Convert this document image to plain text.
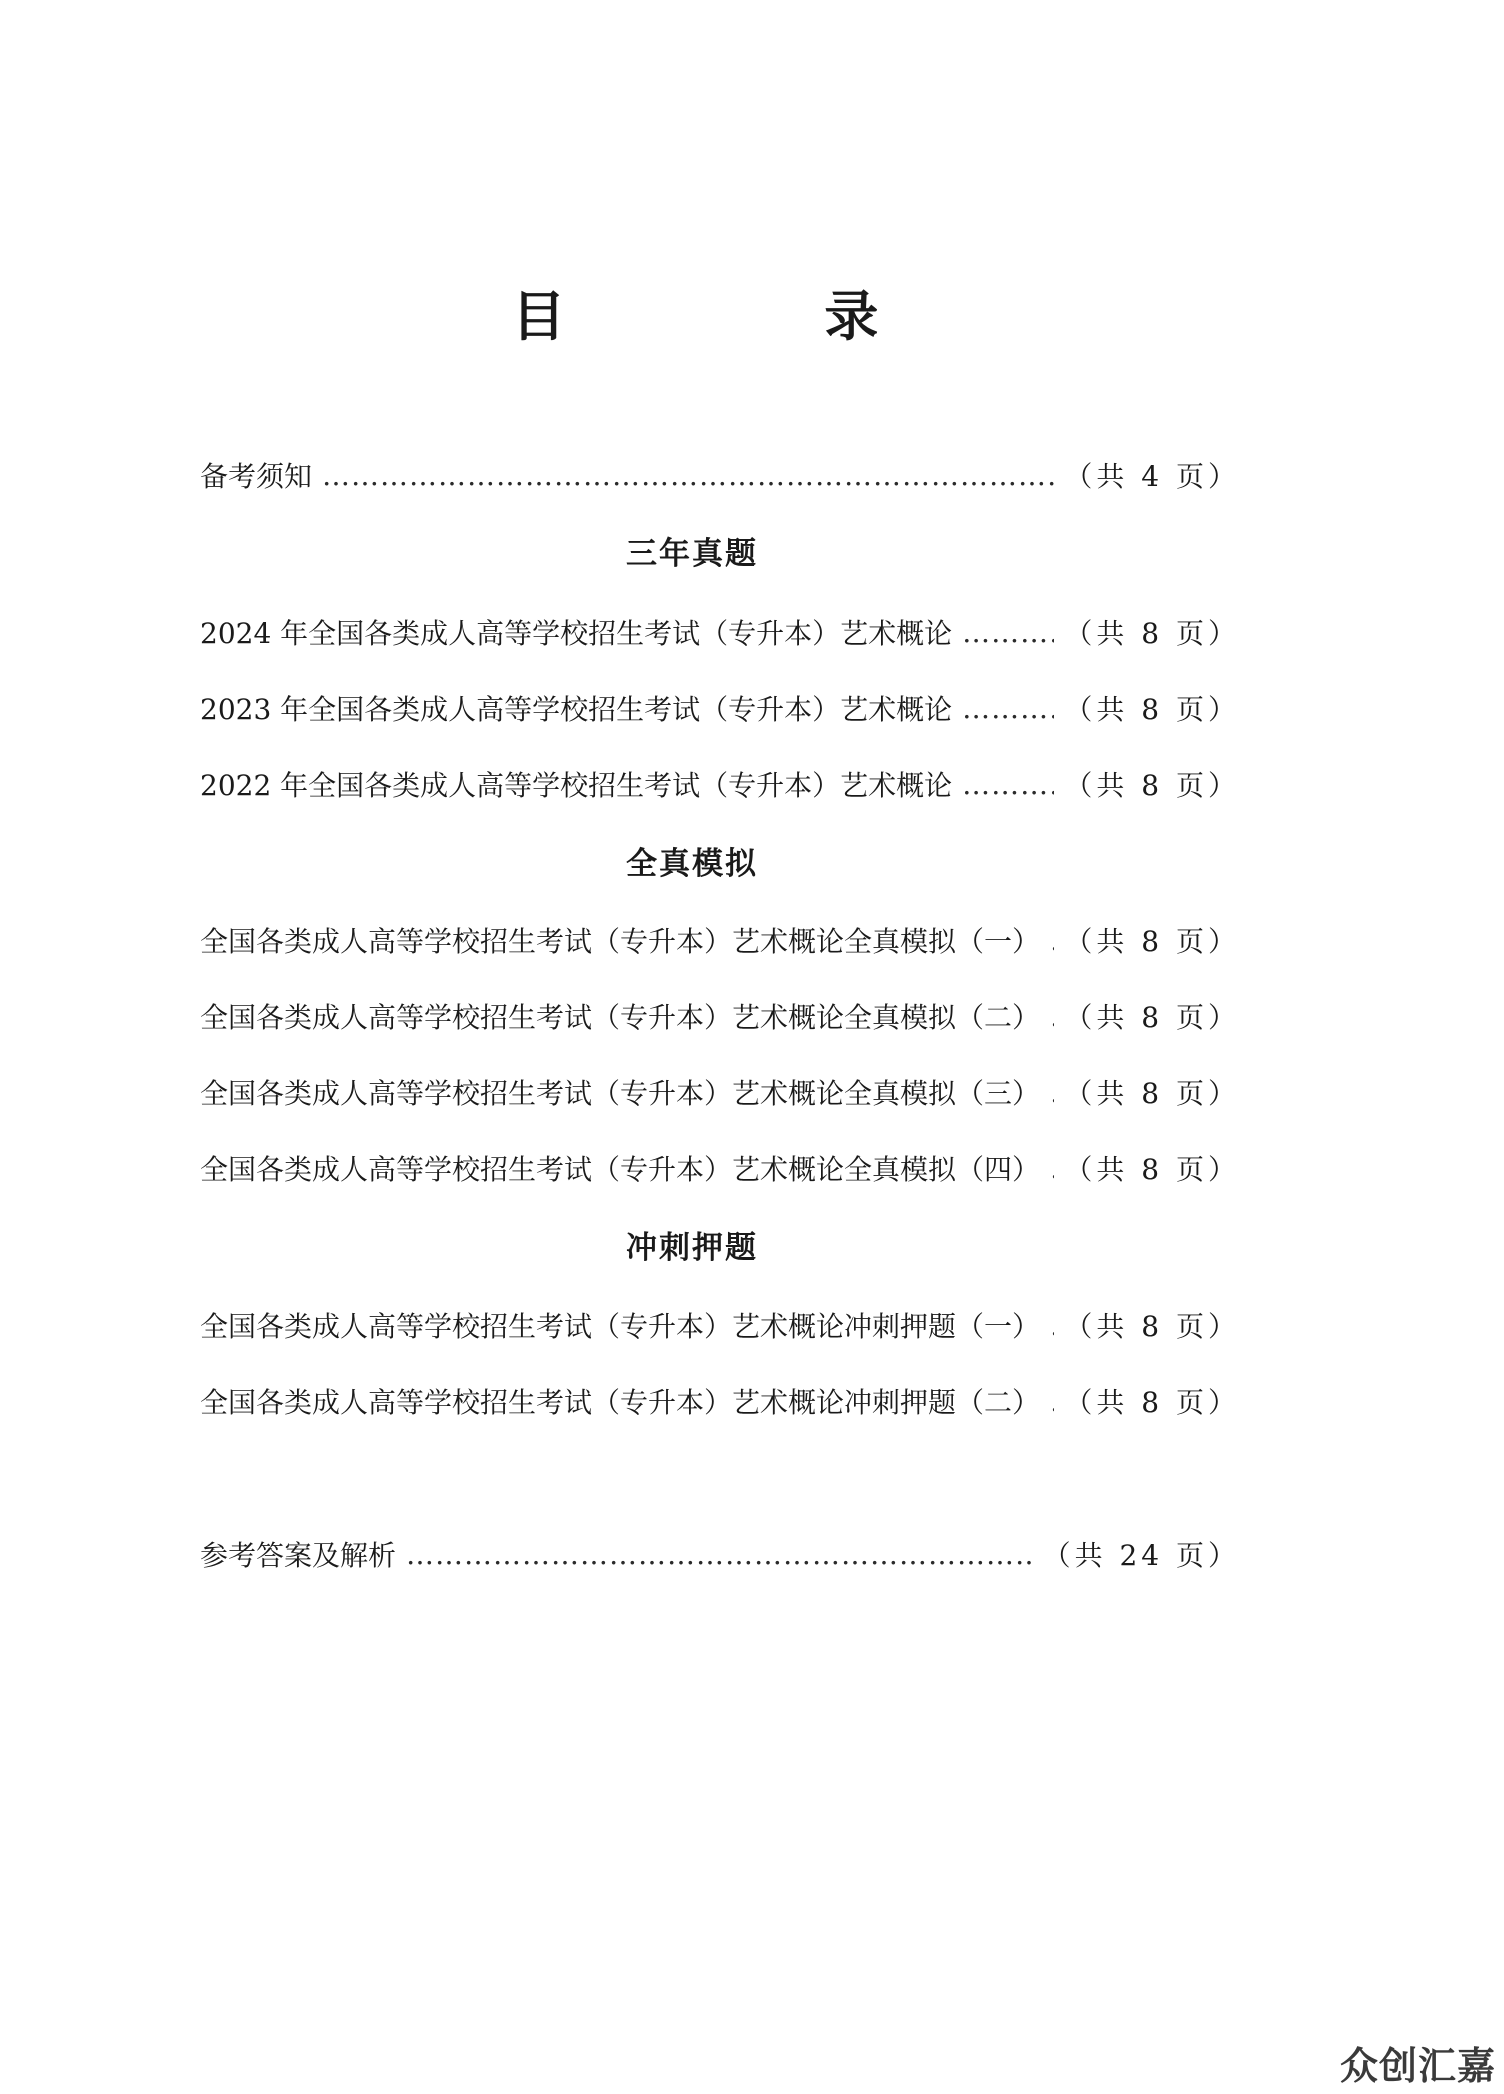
目 录
备考须知 …………………………………………………………………………………………………………………………………………………………………………………………………………	（共 4 页）
三年真题
2024 年全国各类成人高等学校招生考试（专升本）艺术概论 …………………………………………………………………………………………………………………………………………………………………………………………………………	（共 8 页）
2023 年全国各类成人高等学校招生考试（专升本）艺术概论 …………………………………………………………………………………………………………………………………………………………………………………………………………	（共 8 页）
2022 年全国各类成人高等学校招生考试（专升本）艺术概论 …………………………………………………………………………………………………………………………………………………………………………………………………………	（共 8 页）
全真模拟
全国各类成人高等学校招生考试（专升本）艺术概论全真模拟（一） ………………………………………………………………………………………………………………………………………………………………………………………………………… （共 8 页）
全国各类成人高等学校招生考试（专升本）艺术概论全真模拟（二） ………………………………………………………………………………………………………………………………………………………………………………………………………… （共 8 页）
全国各类成人高等学校招生考试（专升本）艺术概论全真模拟（三） ………………………………………………………………………………………………………………………………………………………………………………………………………… （共 8 页）
全国各类成人高等学校招生考试（专升本）艺术概论全真模拟（四） ………………………………………………………………………………………………………………………………………………………………………………………………………… （共 8 页）
冲刺押题
全国各类成人高等学校招生考试（专升本）艺术概论冲刺押题（一） ………………………………………………………………………………………………………………………………………………………………………………………………………… （共 8 页）
全国各类成人高等学校招生考试（专升本）艺术概论冲刺押题（二） ………………………………………………………………………………………………………………………………………………………………………………………………………… （共 8 页）
参考答案及解析 …………………………………………………………………………………………………………………………………………………………………………………………………………	（共 24 页）
众创汇嘉
